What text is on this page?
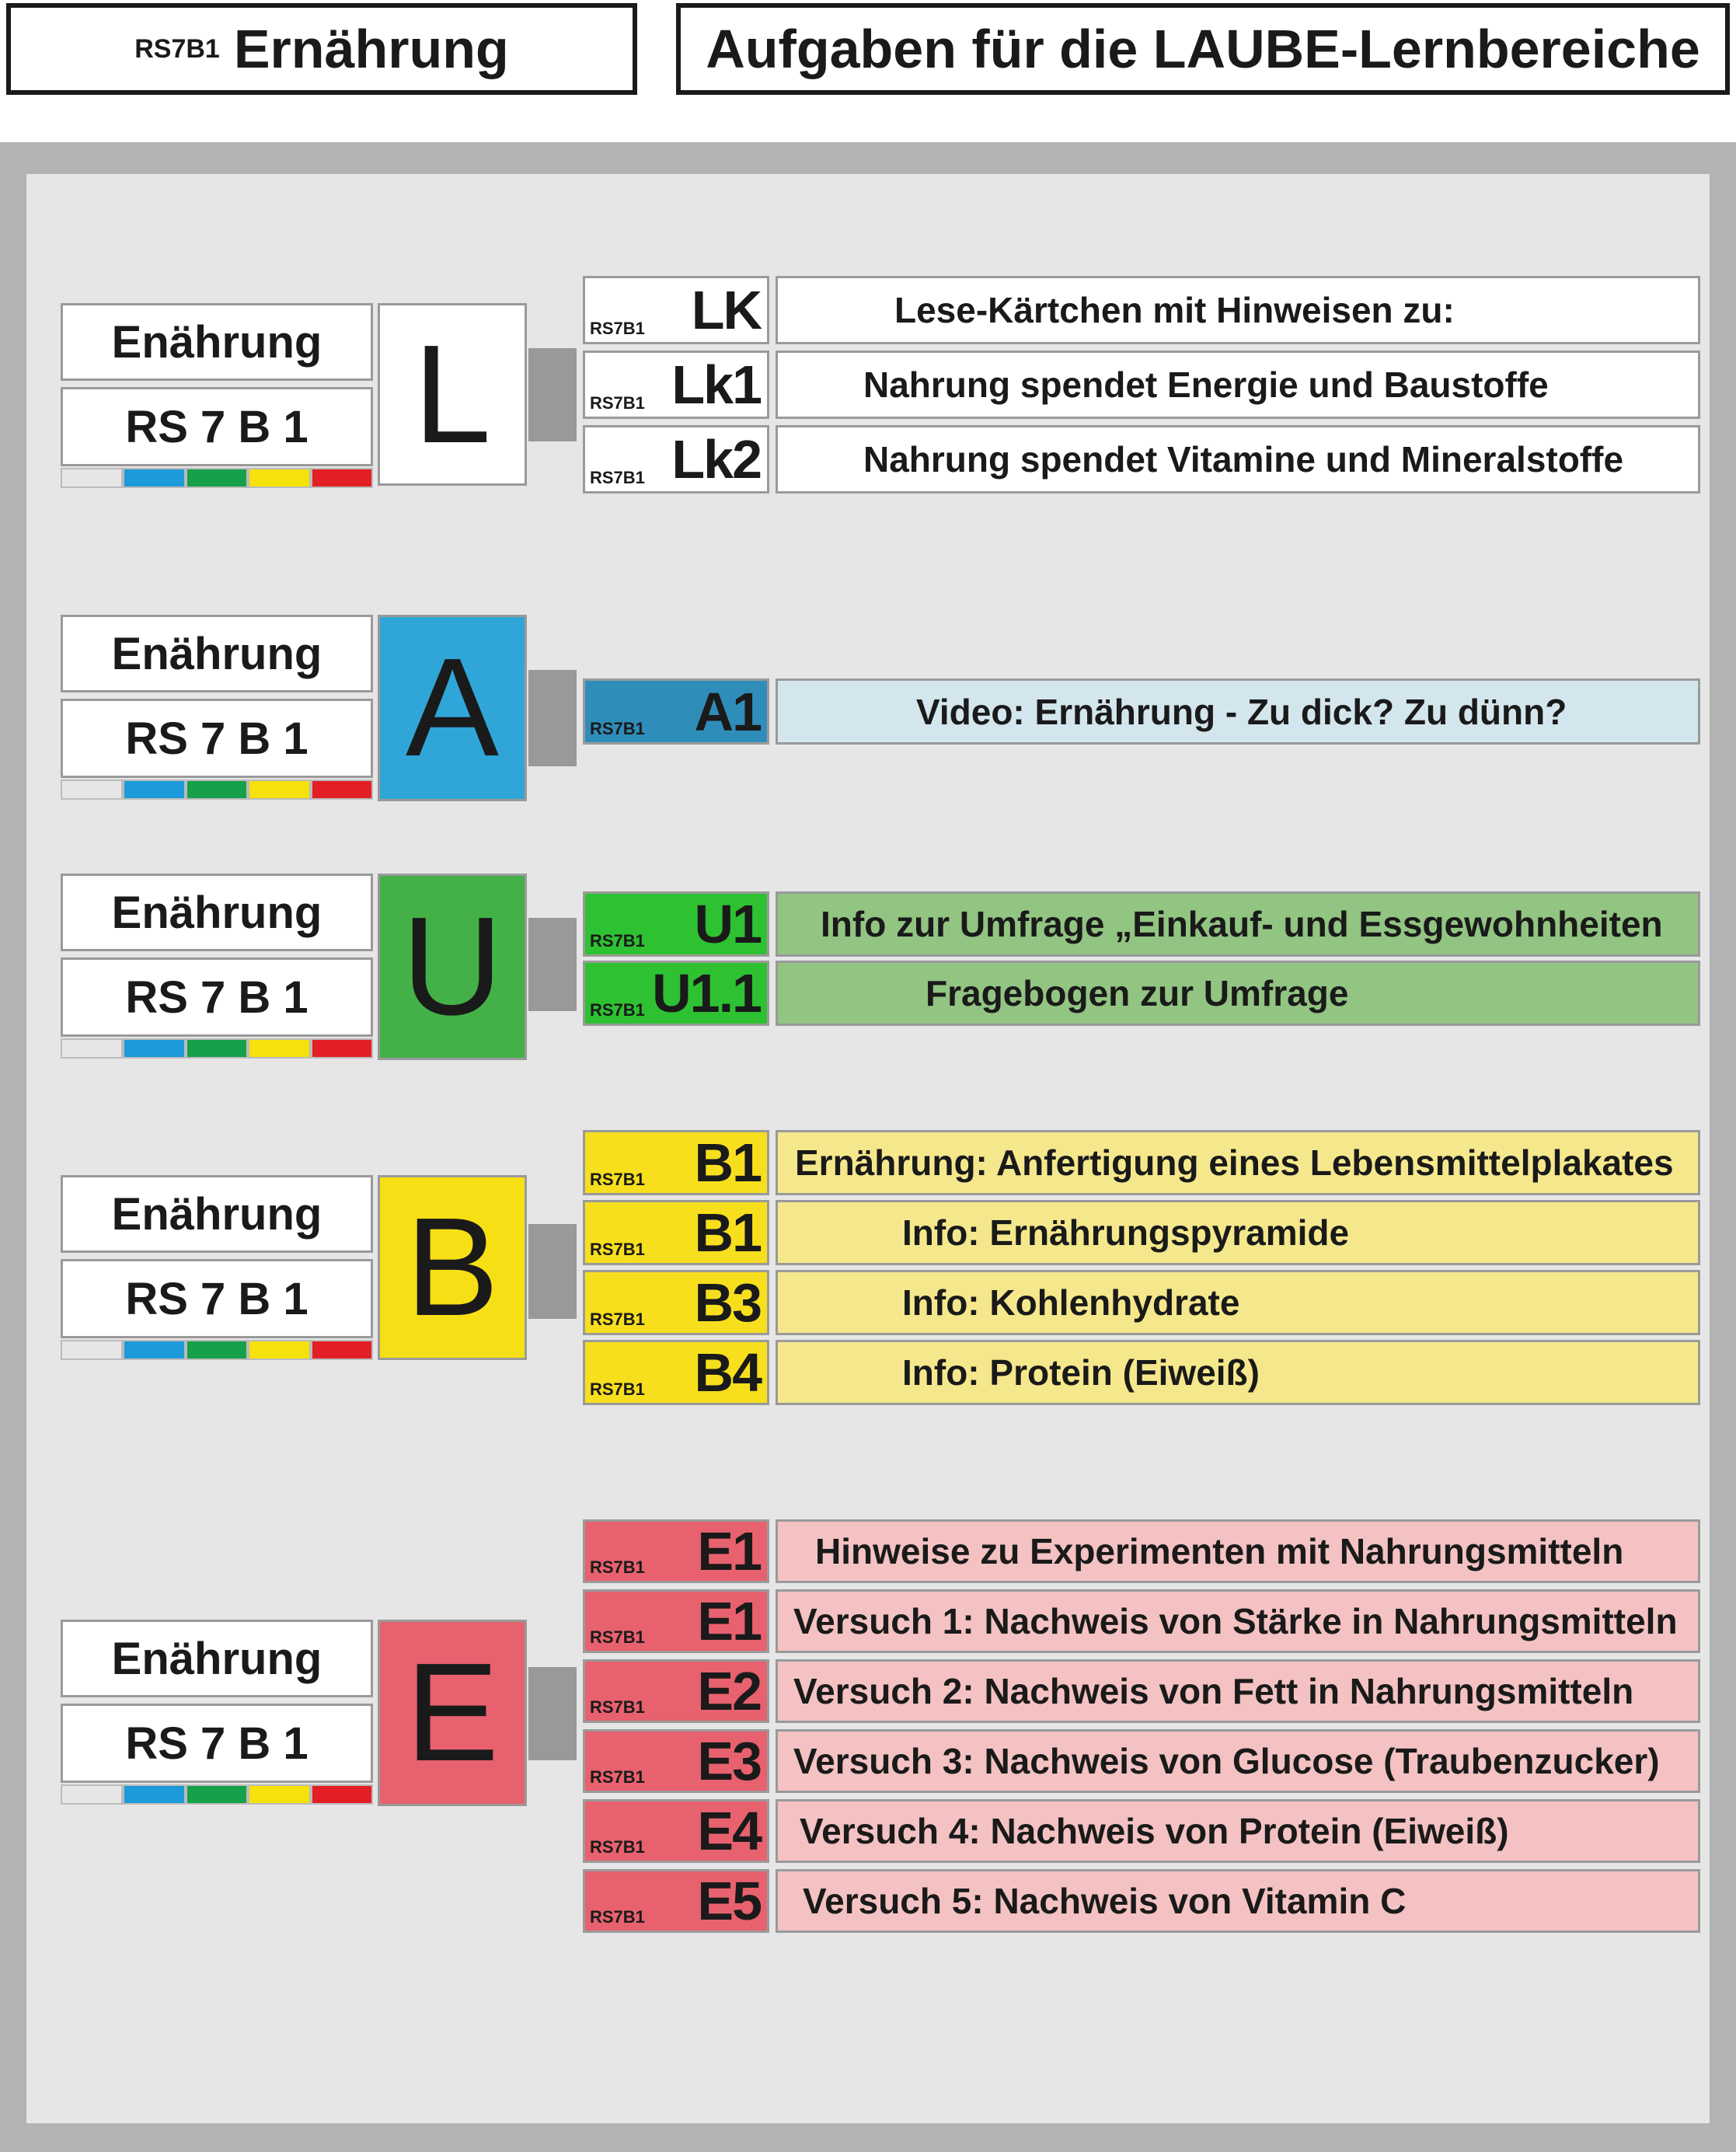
RS7B1 Ernährung	Aufgaben für die LAUBE-Lernbereiche
Enährung
RS 7 B 1 L	RS7B1 LK	Lese-Kärtchen mit Hinweisen zu:
RS7B1 Lk1	Nahrung spendet Energie und Baustoffe
RS7B1 Lk2	Nahrung spendet Vitamine und Mineralstoffe
Enährung
RS 7 B 1 A	RS7B1 A1	Video: Ernährung - Zu dick? Zu dünn?
Enährung
RS 7 B 1 U	RS7B1 U1	Info zur Umfrage „Einkauf- und Essgewohnheiten
RS7B1 U1.1	Fragebogen zur Umfrage
Enährung
RS 7 B 1 B
RS7B1 B1 Ernährung: Anfertigung eines Lebensmittelplakates
RS7B1 B1	Info: Ernährungspyramide
RS7B1 B3	Info: Kohlenhydrate
RS7B1 B4	Info: Protein (Eiweiß)
Enährung
RS 7 B 1 E
RS7B1 E1	Hinweise zu Experimenten mit Nahrungsmitteln
RS7B1 E1 Versuch 1: Nachweis von Stärke in Nahrungsmitteln
RS7B1 E2 Versuch 2: Nachweis von Fett in Nahrungsmitteln
RS7B1 E3 Versuch 3: Nachweis von Glucose (Traubenzucker)
RS7B1 E4	Versuch 4: Nachweis von Protein (Eiweiß)
RS7B1 E5	Versuch 5: Nachweis von Vitamin C
